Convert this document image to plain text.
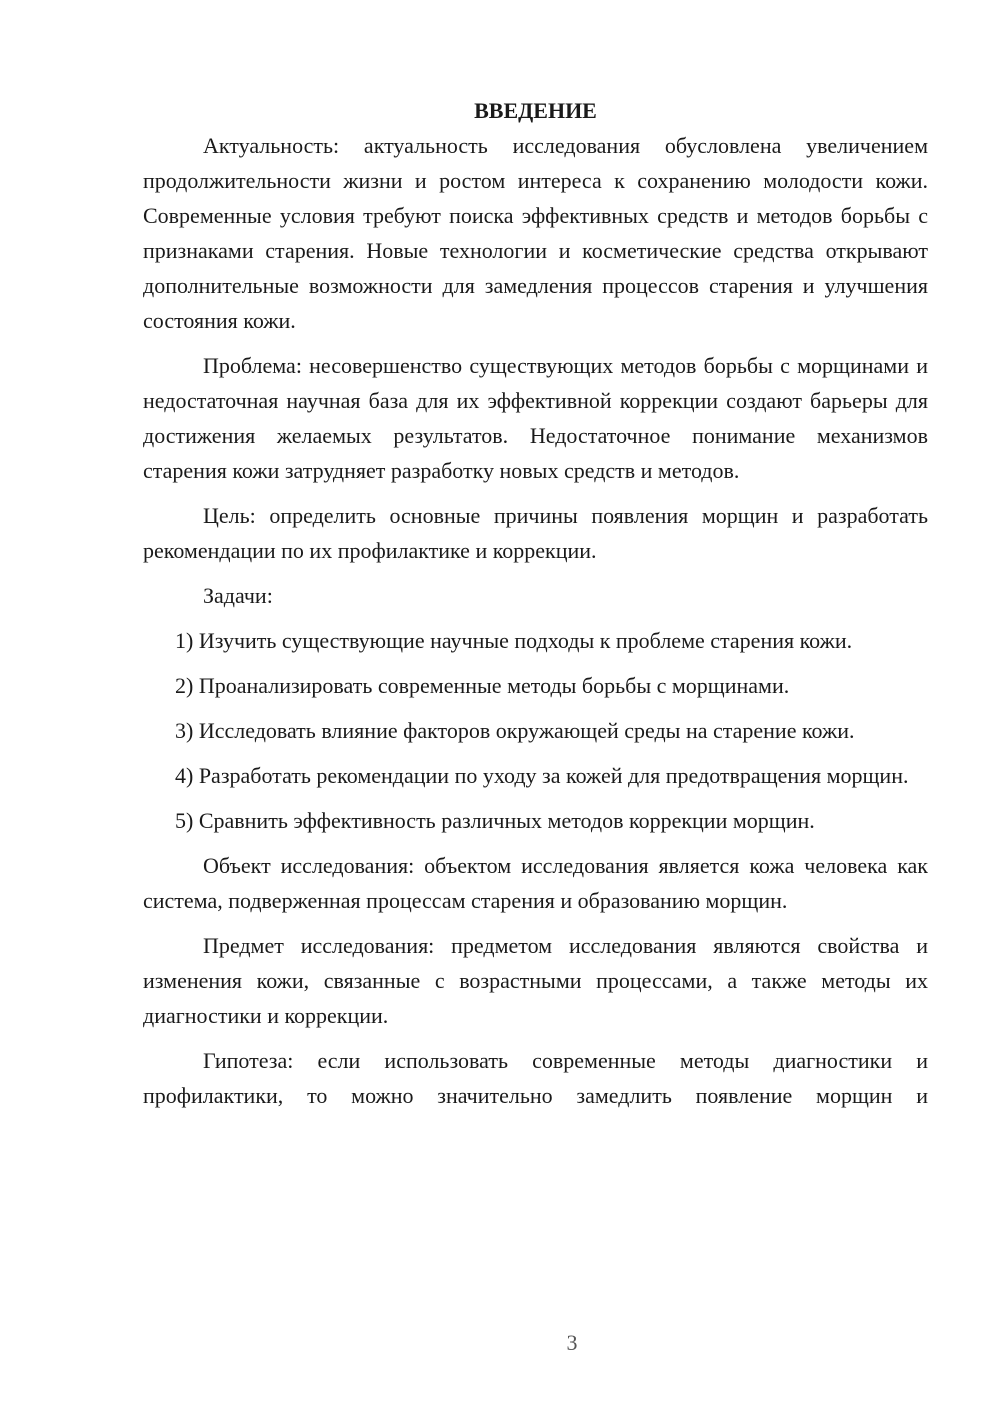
ВВЕДЕНИЕ

Актуальность: актуальность исследования обусловлена увеличением продолжительности жизни и ростом интереса к сохранению молодости кожи. Современные условия требуют поиска эффективных средств и методов борьбы с признаками старения. Новые технологии и косметические средства открывают дополнительные возможности для замедления процессов старения и улучшения состояния кожи.

Проблема: несовершенство существующих методов борьбы с морщинами и недостаточная научная база для их эффективной коррекции создают барьеры для достижения желаемых результатов. Недостаточное понимание механизмов старения кожи затрудняет разработку новых средств и методов.

Цель: определить основные причины появления морщин и разработать рекомендации по их профилактике и коррекции.

Задачи:

1) Изучить существующие научные подходы к проблеме старения кожи.

2) Проанализировать современные методы борьбы с морщинами.

3) Исследовать влияние факторов окружающей среды на старение кожи.

4) Разработать рекомендации по уходу за кожей для предотвращения морщин.

5) Сравнить эффективность различных методов коррекции морщин.

Объект исследования: объектом исследования является кожа человека как система, подверженная процессам старения и образованию морщин.

Предмет исследования: предметом исследования являются свойства и изменения кожи, связанные с возрастными процессами, а также методы их диагностики и коррекции.

Гипотеза: если использовать современные методы диагностики и профилактики, то можно значительно замедлить появление морщин и

3
